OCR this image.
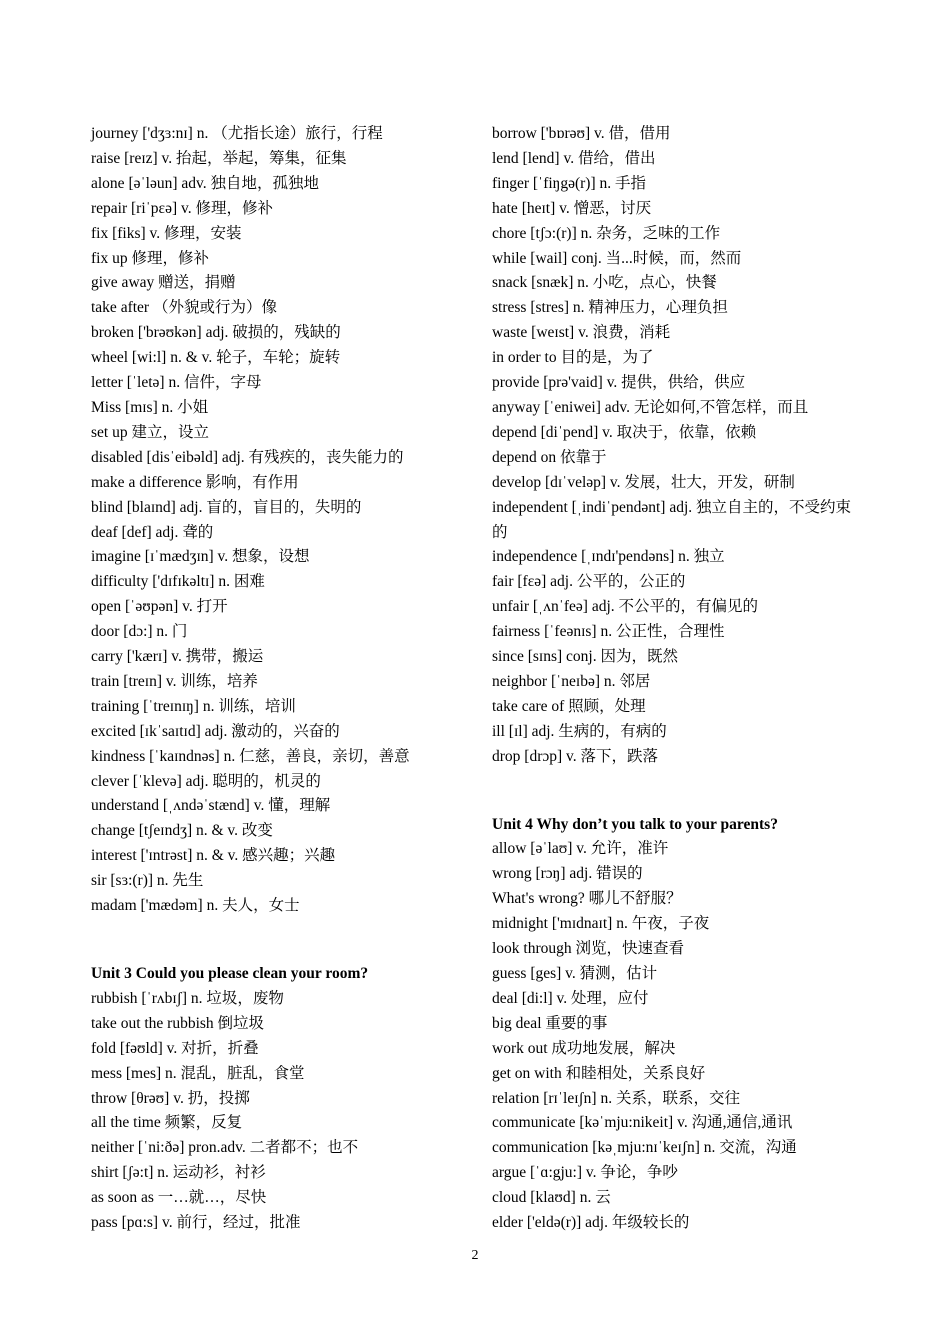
journey ['dʒɜ:nɪ] n. （尤指长途）旅行，行程
raise [reɪz] v. 抬起，举起，筹集，征集
alone [əˈləun] adv. 独自地，孤独地
repair [riˈpɛə] v. 修理，修补
fix [fiks] v. 修理，安装
fix up 修理，修补
give away 赠送，捐赠
take after （外貌或行为）像
broken ['brəʊkən] adj. 破损的，残缺的
wheel [wi:l] n. & v. 轮子，车轮；旋转
letter [ˈletə] n. 信件，字母
Miss [mɪs] n. 小姐
set up 建立，设立
disabled [disˈeibəld] adj. 有残疾的，丧失能力的
make a difference 影响，有作用
blind [blaɪnd] adj. 盲的，盲目的，失明的
deaf [def] adj. 聋的
imagine [ɪˈmædʒɪn] v. 想象，设想
difficulty ['dɪfɪkəltɪ] n. 困难
open [ˈəʊpən] v. 打开
door [dɔ:] n. 门
carry ['kærɪ] v. 携带，搬运
train [treɪn] v. 训练，培养
training [ˈtreɪnɪŋ] n. 训练，培训
excited [ɪkˈsaɪtɪd] adj. 激动的，兴奋的
kindness [ˈkaɪndnəs] n. 仁慈，善良，亲切，善意
clever [ˈklevə] adj. 聪明的，机灵的
understand [ˌʌndəˈstænd] v. 懂，理解
change [tʃeɪndʒ] n. & v. 改变
interest ['ɪntrəst] n. & v. 感兴趣；兴趣
sir [sɜ:(r)] n. 先生
madam ['mædəm] n. 夫人，女士
Unit 3 Could you please clean your room?
rubbish [ˈrʌbɪʃ] n. 垃圾，废物
take out the rubbish 倒垃圾
fold [fəʊld] v. 对折，折叠
mess [mes] n. 混乱，脏乱，食堂
throw [θrəʊ] v. 扔，投掷
all the time 频繁，反复
neither [ˈni:ðə] pron.adv. 二者都不；也不
shirt [ʃə:t] n. 运动衫，衬衫
as soon as 一…就…，尽快
pass [pɑ:s] v. 前行，经过，批准
borrow ['bɒrəʊ] v. 借，借用
lend [lend] v. 借给，借出
finger [ˈfiŋgə(r)] n. 手指
hate [heɪt] v. 憎恶，讨厌
chore [tʃɔ:(r)] n. 杂务，乏味的工作
while [wail] conj. 当...时候，而，然而
snack [snæk] n. 小吃，点心，快餐
stress [stres] n. 精神压力，心理负担
waste [weɪst] v. 浪费，消耗
in order to 目的是，为了
provide [prə'vaid] v. 提供，供给，供应
anyway [ˈeniwei] adv. 无论如何,不管怎样，而且
depend [diˈpend] v. 取决于，依靠，依赖
depend on 依靠于
develop [dɪˈveləp] v. 发展，壮大，开发，研制
independent [ˌindiˈpendənt] adj. 独立自主的，不受约束的
independence [ˌɪndɪ'pendəns] n. 独立
fair [fɛə] adj. 公平的，公正的
unfair [ˌʌnˈfeə] adj. 不公平的，有偏见的
fairness [ˈfeənɪs] n. 公正性，合理性
since [sɪns] conj. 因为，既然
neighbor [ˈneɪbə] n. 邻居
take care of 照顾，处理
ill [ɪl] adj. 生病的，有病的
drop [drɔp] v. 落下，跌落
Unit 4 Why don’t you talk to your parents?
allow [əˈlaʊ] v. 允许，准许
wrong [rɔŋ] adj. 错误的
What's wrong? 哪儿不舒服？
midnight ['mɪdnaɪt] n. 午夜，子夜
look through 浏览，快速查看
guess [ges] v. 猜测，估计
deal [di:l] v. 处理，应付
big deal 重要的事
work out 成功地发展，解决
get on with 和睦相处，关系良好
relation [rɪˈleɪʃn] n. 关系，联系，交往
communicate [kəˈmju:nikeit] v. 沟通,通信,通讯
communication [kəˌmju:nɪˈkeɪʃn] n. 交流，沟通
argue [ˈɑ:gju:] v. 争论，争吵
cloud [klaʊd] n. 云
elder ['eldə(r)] adj. 年级较长的
2
